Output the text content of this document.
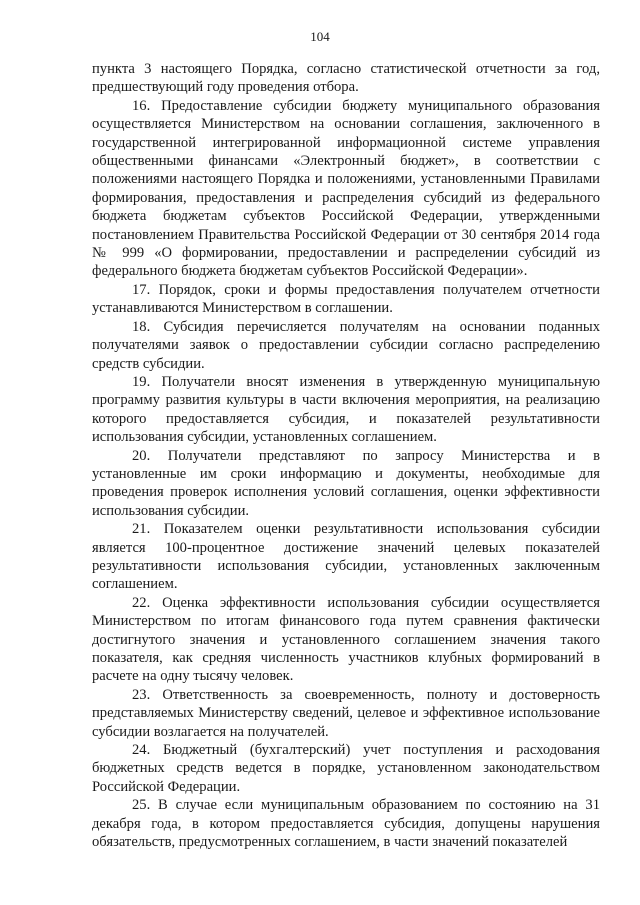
104

пункта 3 настоящего Порядка, согласно статистической отчетности за год, предшествующий году проведения отбора.

16. Предоставление субсидии бюджету муниципального образования осуществляется Министерством на основании соглашения, заключенного в государственной интегрированной информационной системе управления общественными финансами «Электронный бюджет», в соответствии с положениями настоящего Порядка и положениями, установленными Правилами формирования, предоставления и распределения субсидий из федерального бюджета бюджетам субъектов Российской Федерации, утвержденными постановлением Правительства Российской Федерации от 30 сентября 2014 года № 999 «О формировании, предоставлении и распределении субсидий из федерального бюджета бюджетам субъектов Российской Федерации».

17. Порядок, сроки и формы предоставления получателем отчетности устанавливаются Министерством в соглашении.

18. Субсидия перечисляется получателям на основании поданных получателями заявок о предоставлении субсидии согласно распределению средств субсидии.

19. Получатели вносят изменения в утвержденную муниципальную программу развития культуры в части включения мероприятия, на реализацию которого предоставляется субсидия, и показателей результативности использования субсидии, установленных соглашением.

20. Получатели представляют по запросу Министерства и в установленные им сроки информацию и документы, необходимые для проведения проверок исполнения условий соглашения, оценки эффективности использования субсидии.

21. Показателем оценки результативности использования субсидии является 100-процентное достижение значений целевых показателей результативности использования субсидии, установленных заключенным соглашением.

22. Оценка эффективности использования субсидии осуществляется Министерством по итогам финансового года путем сравнения фактически достигнутого значения и установленного соглашением значения такого показателя, как средняя численность участников клубных формирований в расчете на одну тысячу человек.

23. Ответственность за своевременность, полноту и достоверность представляемых Министерству сведений, целевое и эффективное использование субсидии возлагается на получателей.

24. Бюджетный (бухгалтерский) учет поступления и расходования бюджетных средств ведется в порядке, установленном законодательством Российской Федерации.

25. В случае если муниципальным образованием по состоянию на 31 декабря года, в котором предоставляется субсидия, допущены нарушения обязательств, предусмотренных соглашением, в части значений показателей
